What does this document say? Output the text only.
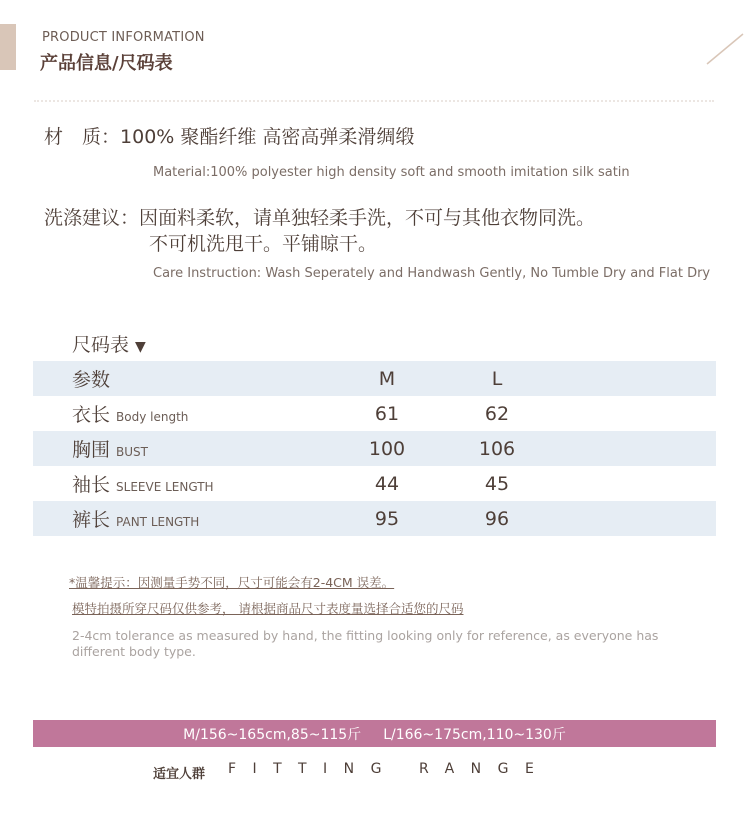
PRODUCT INFORMATION
产品信息/尺码表
材　质：100% 聚酯纤维 高密高弹柔滑绸缎
Material:100% polyester high density soft and smooth imitation silk satin
洗涤建议：因面料柔软，请单独轻柔手洗，不可与其他衣物同洗。
不可机洗甩干。平铺晾干。
Care Instruction: Wash Seperately and Handwash Gently, No Tumble Dry and Flat Dry
尺码表 ▼
参数	M	L	
衣长 Body length	61	62	
胸围 BUST	100	106	
袖长 SLEEVE LENGTH	44	45	
裤长 PANT LENGTH	95	96	
*温馨提示：因测量手势不同，尺寸可能会有2-4CM 误差。
模特拍摄所穿尺码仅供参考， 请根据商品尺寸表度量选择合适您的尺码
2-4cm tolerance as measured by hand, the fitting looking only for reference, as everyone has different body type.
M/156~165cm,85~115斤 L/166~175cm,110~130斤
适宜人群 FITTING RANGE
